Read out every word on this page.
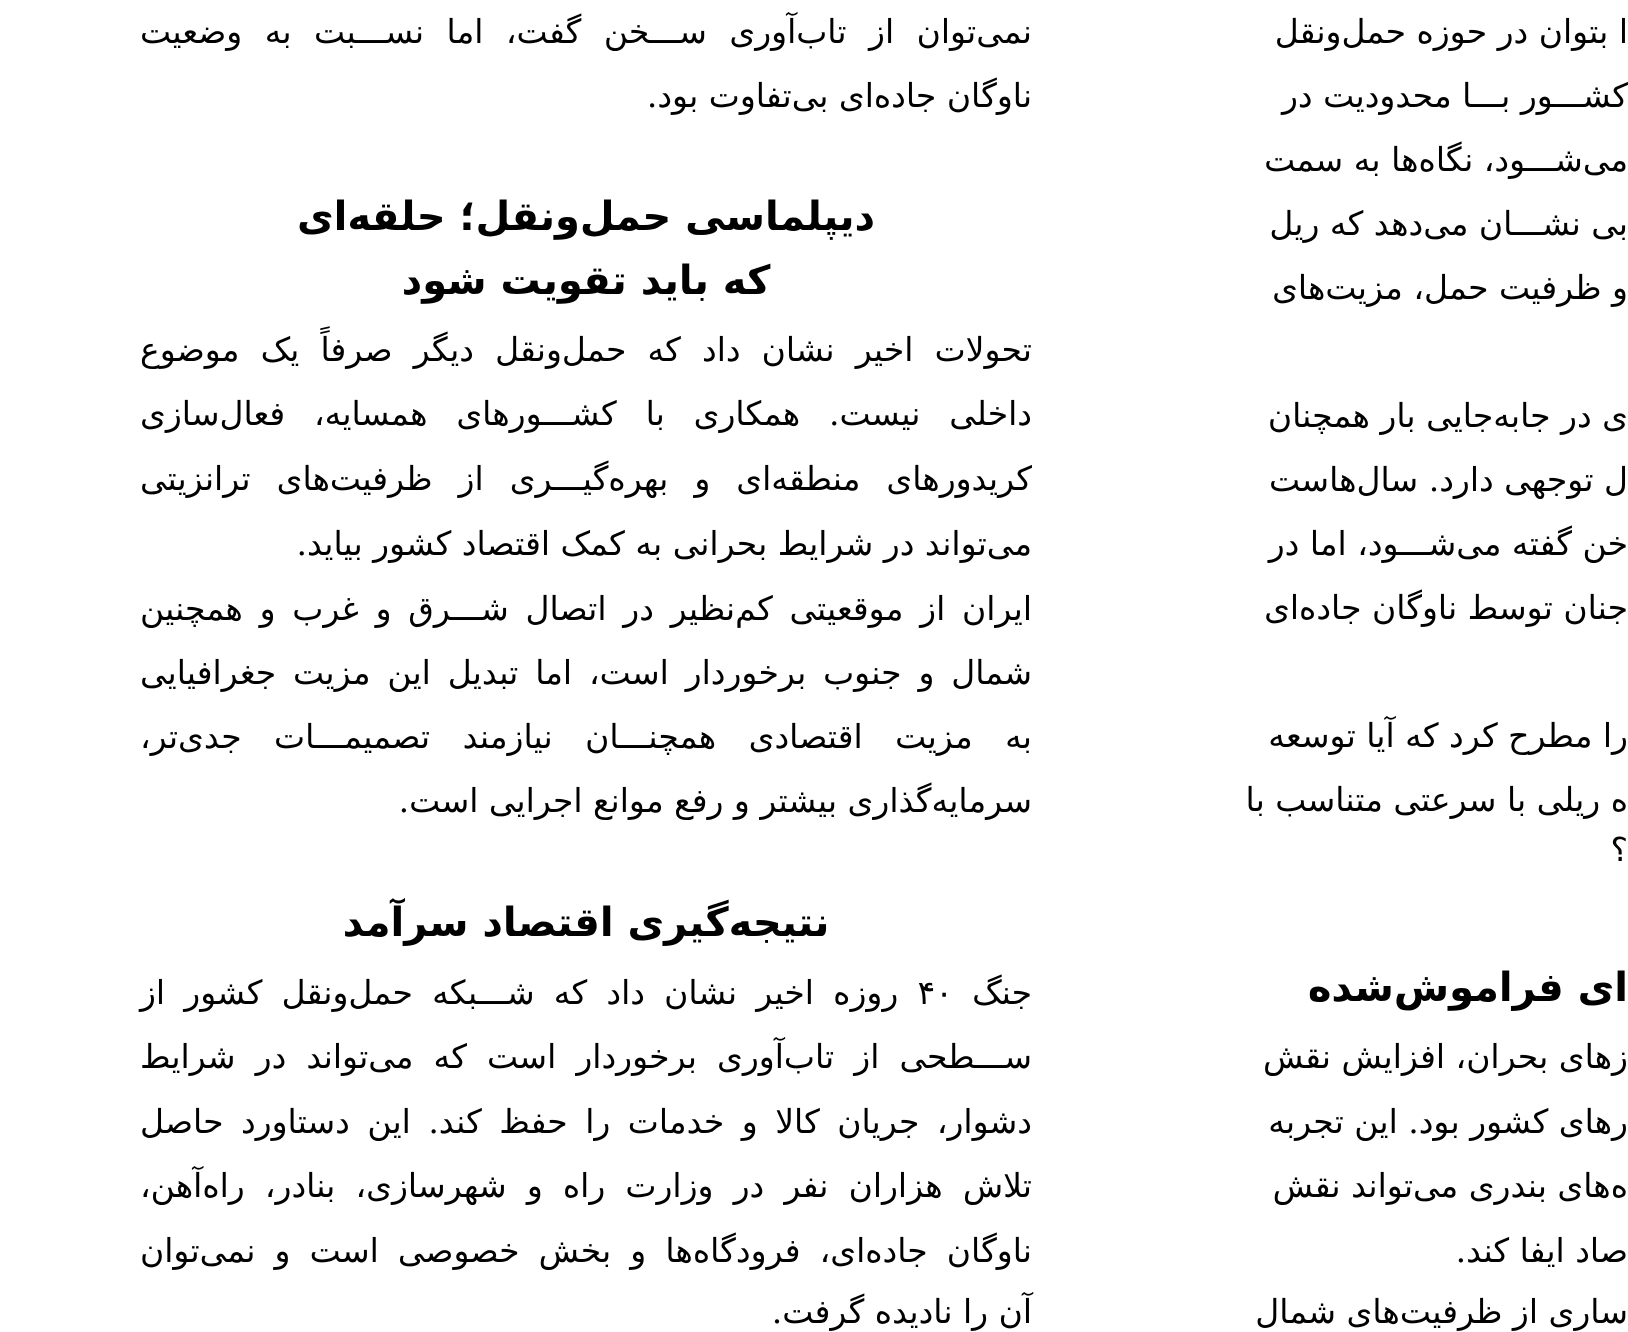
نمی‌توان از تاب‌آوری ســـخن گفت، اما نســـبت به وضعیت
ناوگان جاده‌ای بی‌تفاوت بود.
دیپلماسی حمل‌ونقل؛ حلقه‌ای
که باید تقویت شود
تحولات اخیر نشان داد که حمل‌ونقل دیگر صرفاً یک موضوع
داخلی نیست. همکاری با کشـــورهای همسایه، فعال‌سازی
کریدورهای منطقه‌ای و بهره‌گیـــری از ظرفیت‌های ترانزیتی
می‌تواند در شرایط بحرانی به کمک اقتصاد کشور بیاید.
ایران از موقعیتی کم‌نظیر در اتصال شـــرق و غرب و همچنین
شمال و جنوب برخوردار است، اما تبدیل این مزیت جغرافیایی
به مزیت اقتصادی همچنـــان نیازمند تصمیمـــات جدی‌تر،
سرمایه‌گذاری بیشتر و رفع موانع اجرایی است.
نتیجه‌گیری اقتصاد سرآمد
جنگ ۴۰ روزه اخیر نشان داد که شـــبکه حمل‌ونقل کشور از
ســـطحی از تاب‌آوری برخوردار است که می‌تواند در شرایط
دشوار، جریان کالا و خدمات را حفظ کند. این دستاورد حاصل
تلاش هزاران نفر در وزارت راه و شهرسازی، بنادر، راه‌آهن،
ناوگان جاده‌ای، فرودگاه‌ها و بخش خصوصی است و نمی‌توان
آن را نادیده گرفت.
ا بتوان در حوزه حمل‌ونقل
کشـــور بـــا محدودیت در
می‌شـــود، نگاه‌ها به سمت
بی نشـــان می‌دهد که ریل
و ظرفیت حمل، مزیت‌های
ی در جابه‌جایی بار همچنان
ل توجهی دارد. سال‌هاست
خن گفته می‌شـــود، اما در
جنان توسط ناوگان جاده‌ای
را مطرح کرد که آیا توسعه
ه ریلی با سرعتی متناسب با
؟
ای فراموش‌شده
زهای بحران، افزایش نقش
رهای کشور بود. این تجربه
ه‌های بندری می‌تواند نقش
صاد ایفا کند.
ساری از ظرفیت‌های شمال
